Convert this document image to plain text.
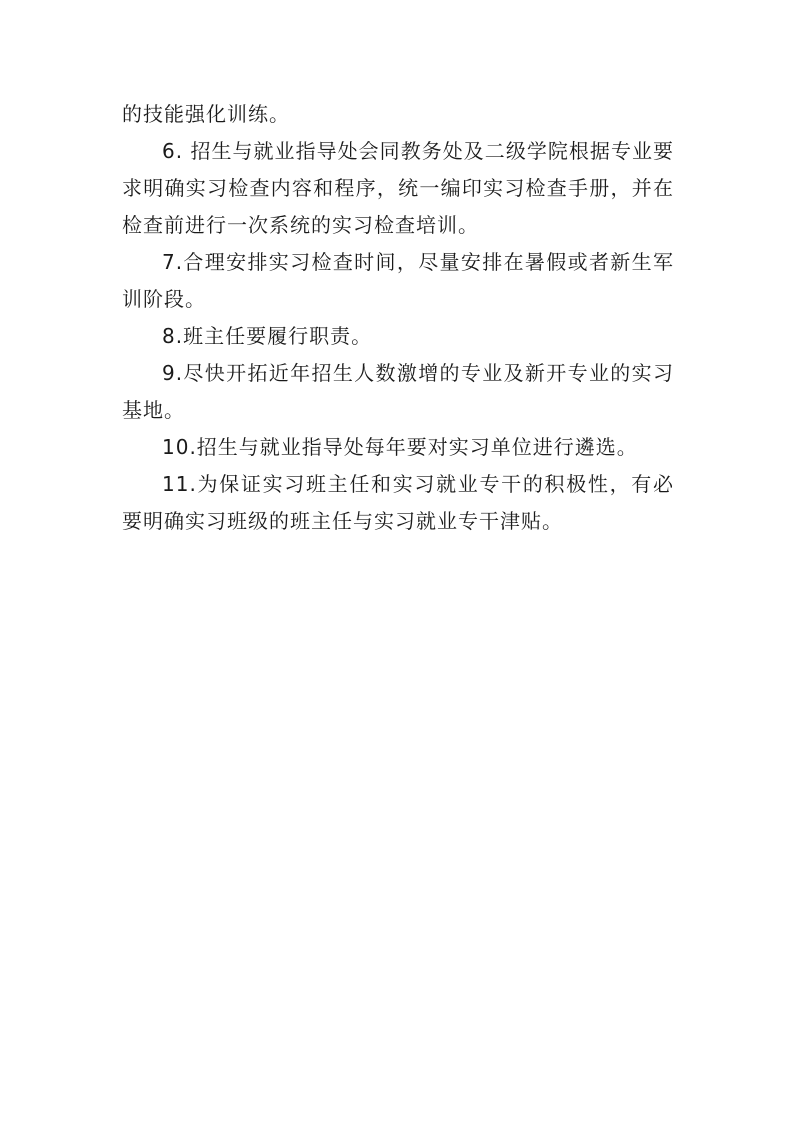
的技能强化训练。

6. 招生与就业指导处会同教务处及二级学院根据专业要求明确实习检查内容和程序，统一编印实习检查手册，并在检查前进行一次系统的实习检查培训。

7.合理安排实习检查时间，尽量安排在暑假或者新生军训阶段。

8.班主任要履行职责。

9.尽快开拓近年招生人数激增的专业及新开专业的实习基地。

10.招生与就业指导处每年要对实习单位进行遴选。

11.为保证实习班主任和实习就业专干的积极性，有必要明确实习班级的班主任与实习就业专干津贴。
